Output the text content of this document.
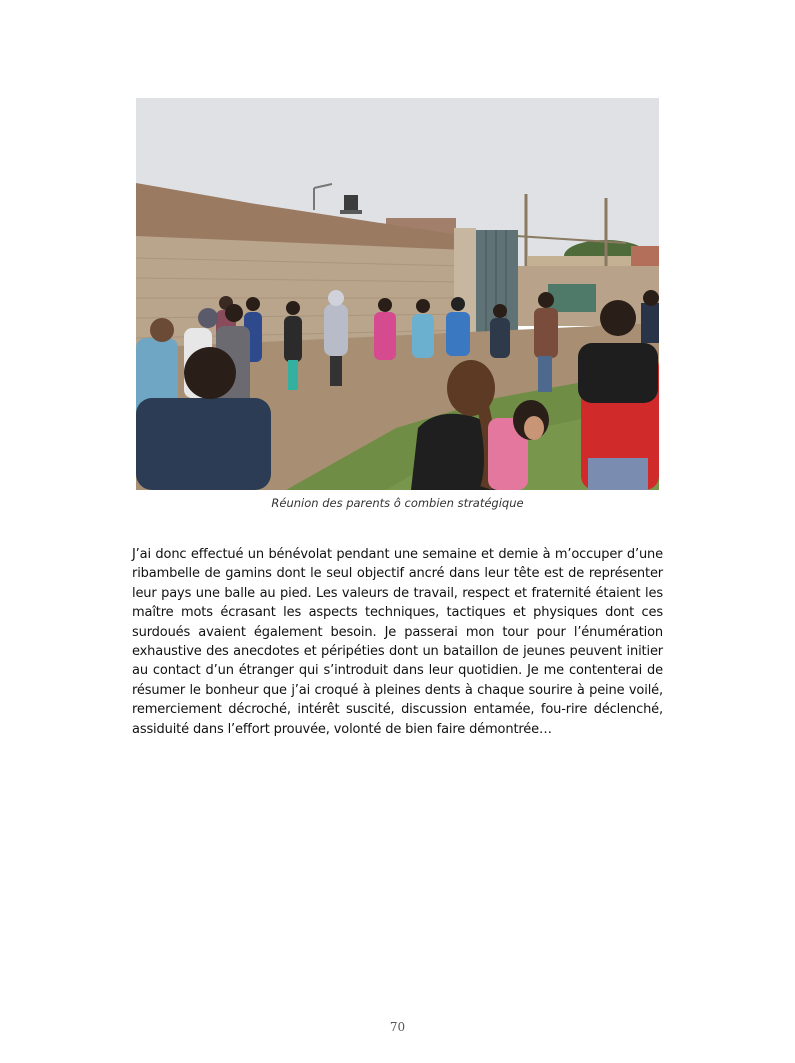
Réunion des parents ô combien stratégique

J’ai donc effectué un bénévolat pendant une semaine et demie à m’occuper d’une ribambelle de gamins dont le seul objectif ancré dans leur tête est de représenter leur pays une balle au pied. Les valeurs de travail, respect et fraternité étaient les maître mots écrasant les aspects techniques, tactiques et physiques dont ces surdoués avaient également besoin. Je passerai mon tour pour l’énumération exhaustive des anecdotes et péripéties dont un bataillon de jeunes peuvent initier au contact d’un étranger qui s’introduit dans leur quotidien. Je me contenterai de résumer le bonheur que j’ai croqué à pleines dents à chaque sourire à peine voilé, remerciement décroché, intérêt suscité, discussion entamée, fou-rire déclenché, assiduité dans l’effort prouvée, volonté de bien faire démontrée…

70
